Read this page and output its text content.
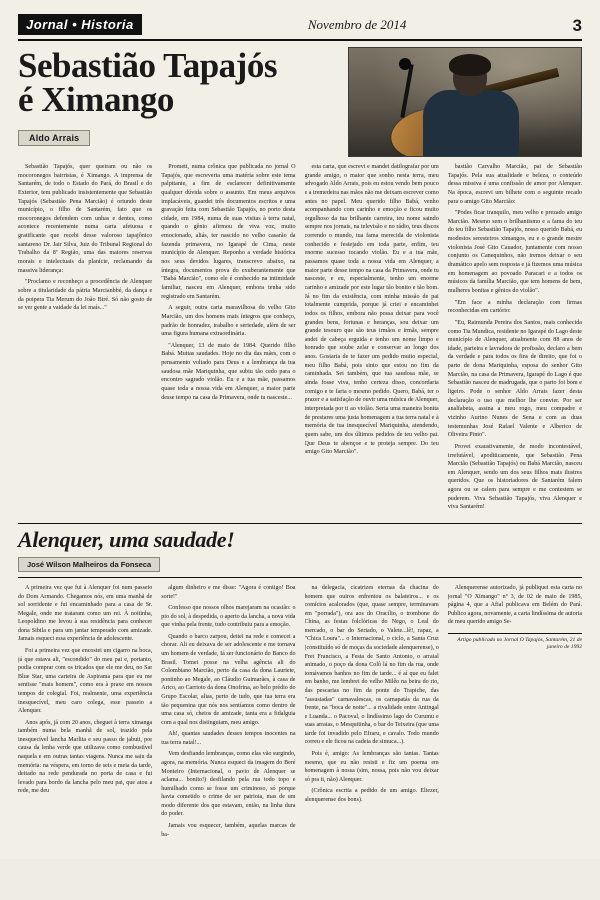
Jornal • Historia	Novembro de 2014	3
Sebastião Tapajós
é Ximango
Aldo Arrais

Sebastião Tapajós, quer queiram ou não os mocoronegos bairristas, é Ximango. A imprensa de Santarém, de todo o Estado do Pará, do Brasil e do Exterior, tem publicado insistentemente que Sebastião Tapajós (Sebastião Pena Marcião) é oriundo deste município, o filho de Santarém, fato que os mocoronegos defendem com unhas e dentes, como acontece recentemente numa carta afetuosa e gratificante que recebi desse valoroso tapajônico santareno Dr. Jair Silva, Juiz do Tribunal Regional do Trabalho da 8ª Região, uma das maiores reservas morais e intelectuais da planície, reclamando da massiva liderança:

"Proclamo e reconheço a procedência de Alenquer sobre a titularidade da pátria Marcianbbé, da dança e da poipera Tia Merum do João Biré. Só não gosto de se ver gente a vaidade da lei maís..."

Prometi, numa crônica que publicada no jornal O Tapajós, que escreveria uma matéria sobre este tema palpitante, a fim de esclarecer definitivamente qualquer dúvida sobre o assunto. Em meus arquivos implacáveis, guardei três documentos escritos e uma gravação feita com Sebastião Tapajós, no porto desta cidade, em 1984, numa de suas visitas à terra natal, quando o gênio afirmou de viva voz, muito emocionado, aliás, ter nascido no velho casarão da fazenda primavera, no Igarapé de Cima, neste município de Alenquer. Reponho a verdade histórica nos seus devidos lugares, transcrevo abaixo, na íntegra, documentos prova do exuberantemente que "Babá Marcião", como ele é conhecido na intimidade familiar, nasceu em Alenquer, embora tenha sido registrado em Santarém.

A seguir, outra carta maravilhosa do velho Gito Marcião, um dos homens mais íntegros que conheço, padrão de honradez, trabalho e seriedade, além de ser uma figura humana extraordinária.

"Alenquer, 13 de maio de 1984. Querido filho Babá. Muitas saudades. Hoje no dia das mães, com o pensamento voltado para Deus e a lembrança da tua saudosa mãe Mariquinha, que subiu tão cedo para o encontro sagrado violão. Eu e a tua mãe, passamos quase toda a nossa vida em Alenquer, a maior parte desse tempo na casa da Primavera, onde tu nasceste...

esta carta, que escrevi e mandei datilografar por um grande amigo, o maior que sonho nesta terra, meu advogado Aldo Arrais, pois eu estou vendo bem pouco e a tremedeira nas mãos não me deixam escrever como antes no papel. Meu querido filho Babá, venho acompanhando com carinho e emoção e ficou muito orgulhoso da tua brilhante carreira, teu nome saindo sempre nos jornais, na televisão e no rádio, teus discos correndo o mundo, tua fama merecida de violonista conhecido e festejado em toda parte, enfim, teu enorme sucesso tocando violão. Eu e a tua mãe, passamos quase toda a nossa vida em Alenquer, a maior parte desse tempo na casa da Primavera, onde tu nasceste, e eu, especialmente, tenho um enorme carinho e amizade por este lugar tão bonito e tão bom. Já no fim da existência, com minha missão de pai totalmente cumprida, porque já criei e encaminhei todos os filhos, embora não possa deixar para você grandes bens, fortunas e heranças, sou deixar um grande tesouro que são teus irmãos e irmãs, sempre andei de cabeça erguida e tenho um nome limpo e honrado que soube zelar e conservar ao longo dos anos. Gostaria de te fazer um pedido muito especial, meu filho Babá, pois sinto que estou no fim da caminhada. Sei também, que tua saudosa mãe, se ainda fosse viva, tenho certeza disso, concordaria comigo e te faria o mesmo pedido. Quero, Babá, ter o prazer e a satisfação de ouvir uma música de Alenquer, interpretada por ti ao violão. Seria uma maneira bonita de prestares uma justa homenagem a tua terra natal e à memória de tua inesquecível Mariquinha, atendendo, quem sabe, um dos últimos pedidos de teu velho pai. Que Deus te abençoe e te proteja sempre. Do teu amigo Gito Marcião".

bastião Carvalho Marcião, pai de Sebastião Tapajós. Pela sua atualidade e beleza, o conteúdo dessa missiva é uma confissão de amor por Alenquer. Na época, escrevi um bilhete com o seguinte recado para o amigo Gito Marcião:

"Podes ficar tranquilo, meu velho e prezado amigo Marcião. Mesmo sem o brilhantismo e a fama do teu do teu filho Sebastião Tapajós, nosso querido Babá, eu modestos seresteiros ximangos, eu e o grande mestre violonista José Gito Cauador, juntamente com nosso conjunto os Canequinhos, não iremos deixar o seu dramático apelo sem resposta e já fizemos uma música em homenagem ao povoado Paracari e a todos os músicos da família Marcião, que tem homens de bem, mulheres bonitas e gênios do violão".

"Em face a minha declaração com firmas reconhecidas em cartório:

"Eu, Raimunda Pereira dos Santos, mais conhecida como Tia Mundica, residente no Igarapé do Lago deste município de Alenquer, atualmente com 88 anos de idade, parteira e lavradora de profissão, declaro a bem da verdade e para todos os fins de direito, que foi o parto de dona Mariquinha, esposa do senhor Gito Marcião, na casa da Primavera, Igarapé do Lago é que Sebastião nasceu de madrugada, que o parto foi bom e ligeiro. Pode o senhor Aldo Arrais fazer desta declaração o uso que melhor lhe convier. Por ser analfabeta, assina a meu rogo, meu compadre e vizinho Aurino Nunes de Sena e com as duas testemunhas José Rafael Valente e Alberico de Oliveira Pinto".

Provei exaustivamente, de modo incontestável, irrefutável, apoditicamente, que Sebastião Pena Marcião (Sebastião Tapajós) ou Babá Marcião, nasceu em Alenquer, sendo um dos seus filhos mais ilustres queridos. Que os historiadores de Santarém falem agora ou se calem para sempre e me contestem se puderem. Viva Sebastião Tapajós, viva Alenquer e viva Santarém!

Alenquer, uma saudade!
José Wilson Malheiros da Fonseca

A primeira vez que fui à Alenquer foi num passeio do Dom Armando. Chegamos nós, em uma manhã de sol sorridente e fui encaminhado para a casa de Sr. Megale, onde me trataram como um rei. À noitinha, Leopoldino me levou à sua residência para conhecer dona Sibila e para um jantar temperado com amizade. Jamais esqueci essa experiência de adolescente.

Foi a primeira vez que encostei um cigarro na boca, já que estava ali, "escondido" do meu pai e, portanto, podia comprar com os tricados que ele me deu, no Sar Blue Star, uma carteira de Aspirama para que eu me sentisse "mais homem", como era à praxe em nossos tempos de colegial. Foi, realmente, uma experiência inesquecível, meu caro colega, esse passeio a Alenquer.

Anos após, já com 20 anos, cheguei à terra ximanga também numa bela manhã de sol, trazido pela inesquecível lancha Marlita e seu passo de jabuti, por causa da lenha verde que utilizava como combustível naquela e em outras tantas viagens. Nunca me saiu da memória: na véspera, em torno de seis e meia da tarde, deitado na rede pendurada no porta de casa e fui levado para bordo da lancha pelo meu pai, que atou a rede, me deu

algum dinheiro e me disse: "Agora é contigo! Boa sorte!"

Confesso que nossos olhos marejaram na ocasião: o pio do sol, à despedida, o aperto da lancha, a nova vida que vinha pela frente, tudo contribuiu para a emoção.

Quando o barco zarpou, deitei na rede e comecei a chorar. Ali eu deixava de ser adolescente e me tornava um homem de verdade, Iá ser funcionário do Banco do Brasil. Tomei posse na velha agência ali do Colombiano Marcião, perto da casa da dona Lauriete, pontinho ao Megale, ao Cláudio Guimarães, à casa de Arico, ao Carrioto da dona Onofrina, ao belo prédio do Grupo Escolar, alias, perto de tudo, que tua terra era tão pequenina que nós nos sentíamos como dentro de uma casa só, cheios de amizade, tanta era a fidalguia com a qual nos distinguiam, meu amigo.

Ah!, quantas saudades desses tempos inocentes na tua terra natal!...

Vem desfiando lembranças, como elas vão surgindo, agora, na memória. Nunca esqueci da imagem do Beré Monteiro (Internacional, o pavio de Alenquer se aclama... bonito!) desfilando pela rua todo topo e humilhado como se fosse um criminoso, só porque havia cometido o crime de ser patriota, mas de um modo diferente dos que estavam, então, na linha dura do poder.

Jamais vou esquecer, também, aquelas marcas de ba-

na delegacia, cicatrizes eternas da chacina do homem que ouiros enfrentou os balateiros... e os comícios acalorados (que, quase sempre, terminavam em "porrada"), ora aos do Oracílio, o trombone do China, as festas folclóricas do Nego, o Leal do mercado, o bar do Seriado, o Valete...lê!, rapaz, a "Chica Loura"... o Internacional, o ciclo, a Santa Cruz (constituído só de moças da sociedade alenquerense), o Frei Francisco, a Festa de Santo Antonio, o arraial animado, o poço da dona Colô lá no fim da rua, onde tomávamos banhos no fim de tarde... é aí que eu falei em banho, me lembrei do velho Milêo na beira do rio, das pescarias no fim da ponte do Trapiche, das "assustadas" carnavalescas, os carnapatás da rua da frente, na "boca de noite"... a rivalidade entre Antingal e Luanda... o Pacoval, o lindíssimo lago do Curumu e suas arraias, o Mesquitinha, o bar do Teixeira (que uma tarde foi invadido pelo Efraru, e cavalo. Todo mundo correu e ele ficou na cadeia de simuca...).

Pois é, amigo: As lembranças são tantas. Tantas mesmo, que eu não resisti e fiz um poema em homenagem à nossa (sim, nossa, pois não vou deixar só pra ti, não) Alenquer.

(Crônica escrita a pedido de um amigo. Eliezer, alenquerense dos bons).

Alenquerense autorizado, já publiquei esta carta no jornal "O Ximango" nº 3, de 02 de maio de 1985, página 4, que a Afial publicava em Belém do Pará. Publico agora, novamente, a carta lindíssima de autoria de meu querido amigo Se-

Artigo publicado no Jornal O Tapajós, Santarém, 21 de janeiro de 1992
